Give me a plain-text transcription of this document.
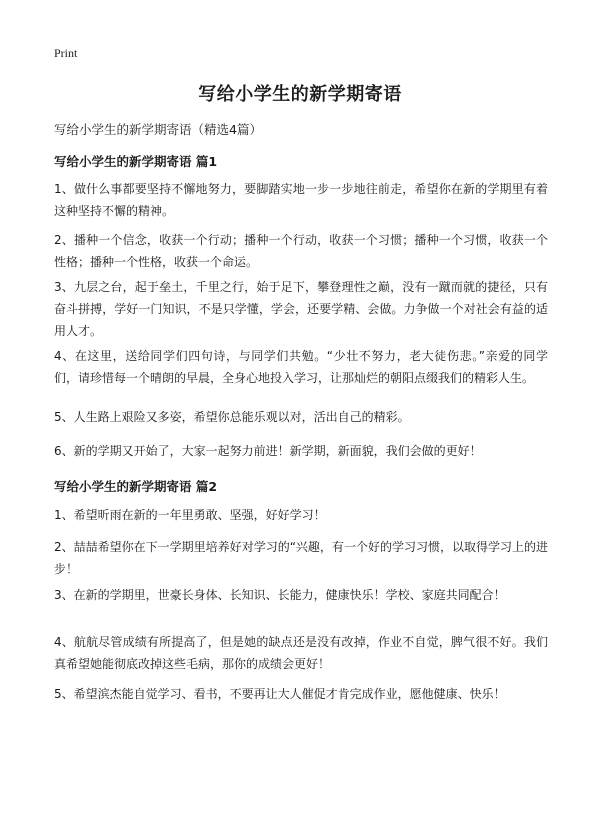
Print
写给小学生的新学期寄语

写给小学生的新学期寄语（精选4篇）

写给小学生的新学期寄语 篇1

1、做什么事都要坚持不懈地努力，要脚踏实地一步一步地往前走，希望你在新的学期里有着这种坚持不懈的精神。

2、播种一个信念，收获一个行动；播种一个行动，收获一个习惯；播种一个习惯，收获一个性格；播种一个性格，收获一个命运。

3、九层之台，起于垒土，千里之行，始于足下，攀登理性之巅，没有一蹴而就的捷径，只有奋斗拼搏，学好一门知识，不是只学懂，学会，还要学精、会做。力争做一个对社会有益的适用人才。

4、在这里，送给同学们四句诗，与同学们共勉。“少壮不努力，老大徒伤悲。”亲爱的同学们，请珍惜每一个晴朗的早晨，全身心地投入学习，让那灿烂的朝阳点缀我们的精彩人生。

5、人生路上艰险又多姿，希望你总能乐观以对，活出自己的精彩。

6、新的学期又开始了，大家一起努力前进！新学期，新面貌，我们会做的更好！

写给小学生的新学期寄语 篇2

1、希望昕雨在新的一年里勇敢、坚强，好好学习！

2、喆喆希望你在下一学期里培养好对学习的“兴趣，有一个好的学习习惯，以取得学习上的进步！

3、在新的学期里，世豪长身体、长知识、长能力，健康快乐！学校、家庭共同配合！

4、航航尽管成绩有所提高了，但是她的缺点还是没有改掉，作业不自觉，脾气很不好。我们真希望她能彻底改掉这些毛病，那你的成绩会更好！

5、希望滨杰能自觉学习、看书，不要再让大人催促才肯完成作业，愿他健康、快乐！
